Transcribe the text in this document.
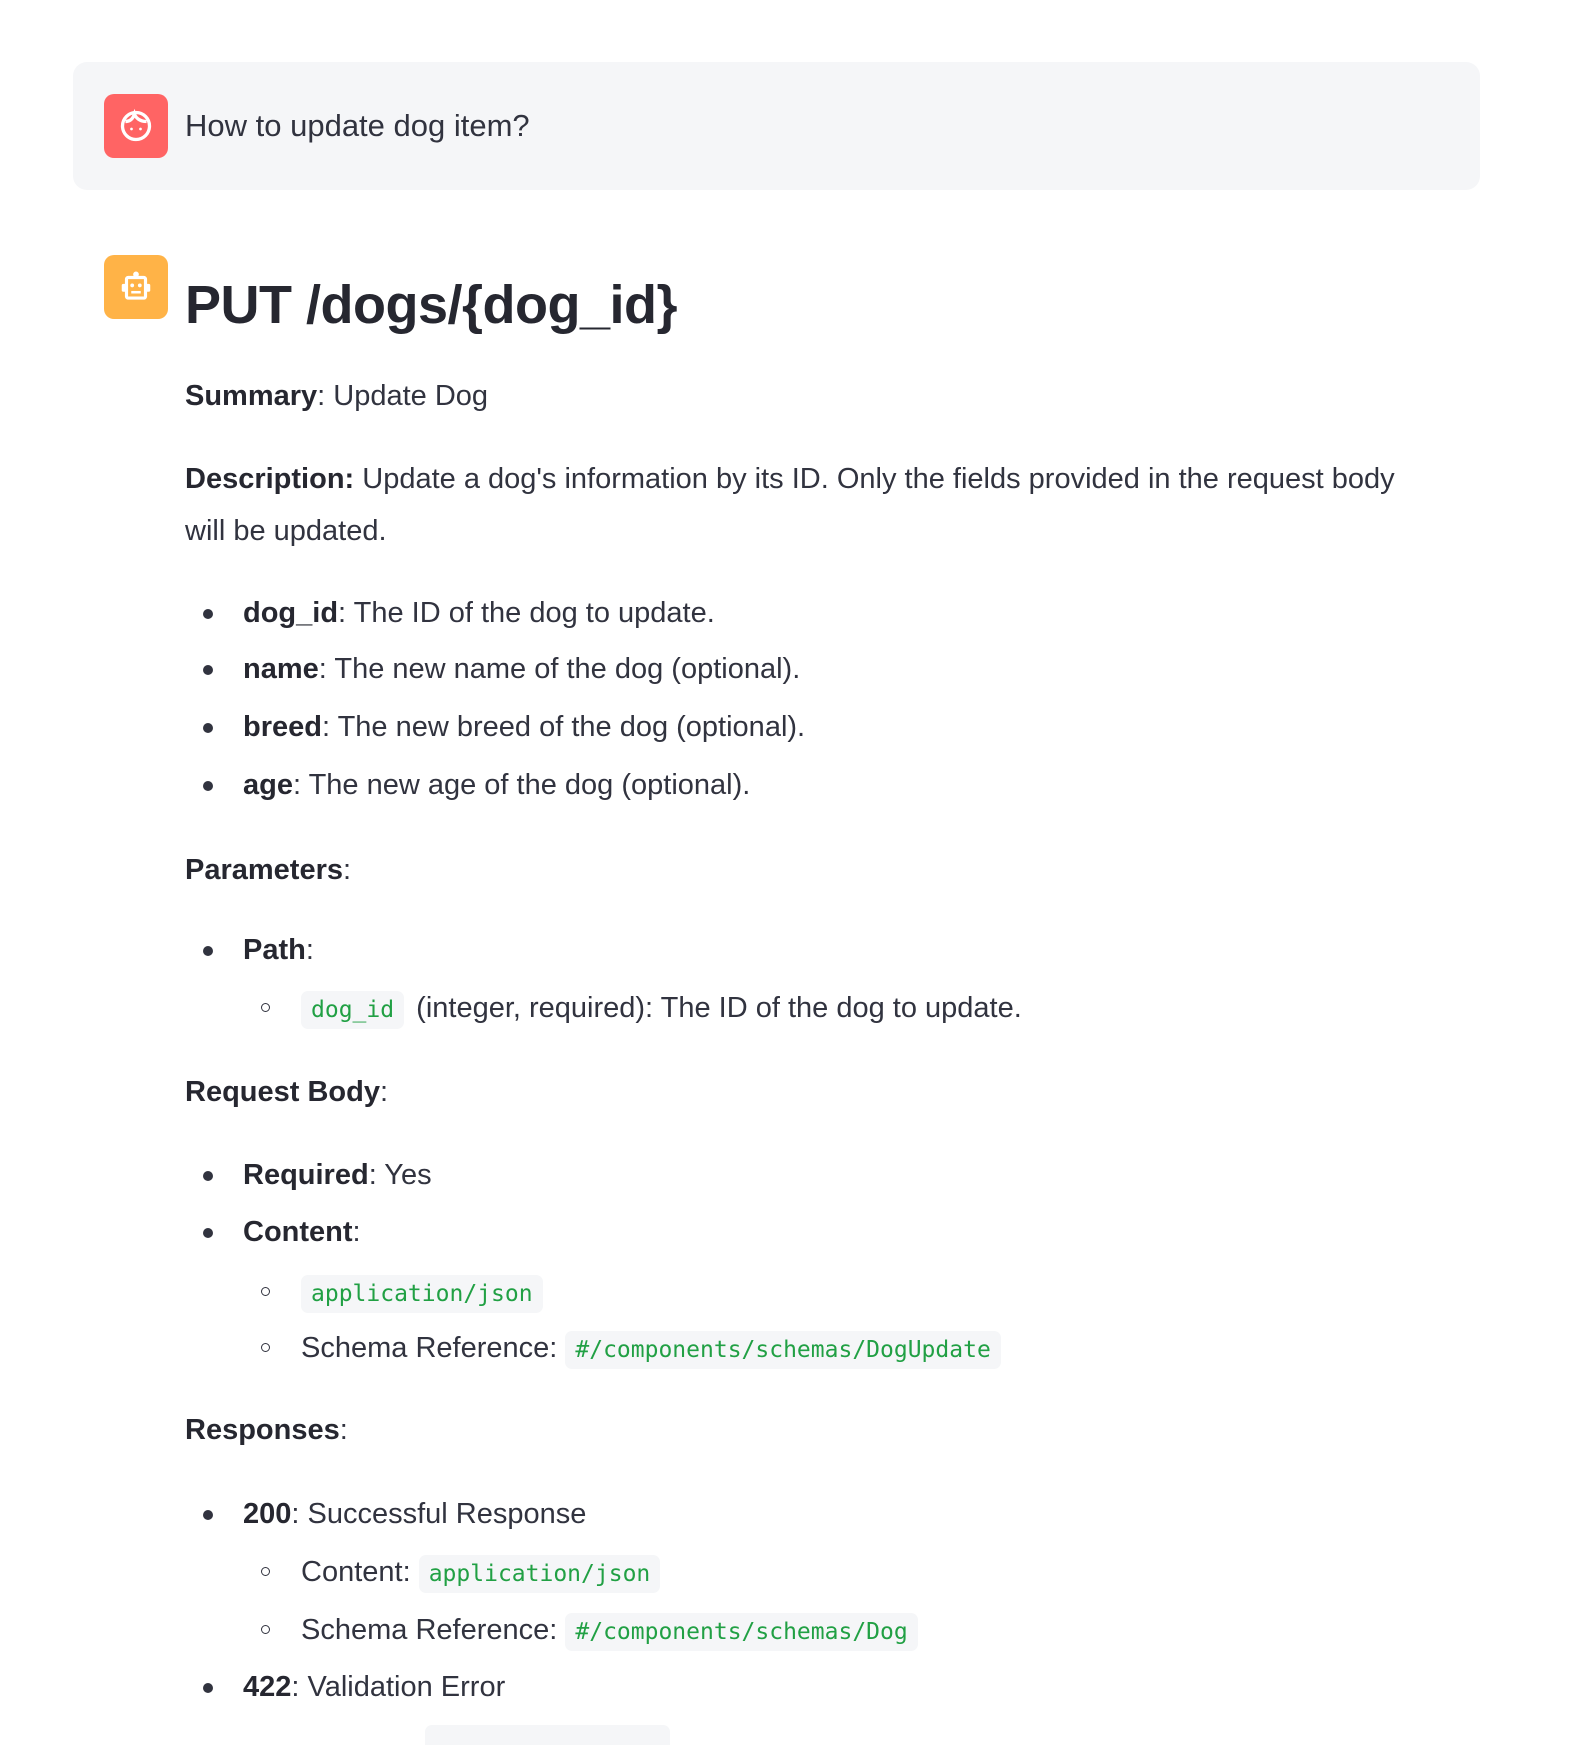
How to update dog item?
PUT /dogs/{dog_id}

Summary: Update Dog

Description: Update a dog's information by its ID. Only the fields provided in the request body

will be updated.

dog_id: The ID of the dog to update.
name: The new name of the dog (optional).
breed: The new breed of the dog (optional).
age: The new age of the dog (optional).

Parameters:

Path:
dog_id (integer, required): The ID of the dog to update.

Request Body:

Required: Yes
Content:
application/json
Schema Reference: #/components/schemas/DogUpdate

Responses:

200: Successful Response
Content: application/json
Schema Reference: #/components/schemas/Dog
422: Validation Error
